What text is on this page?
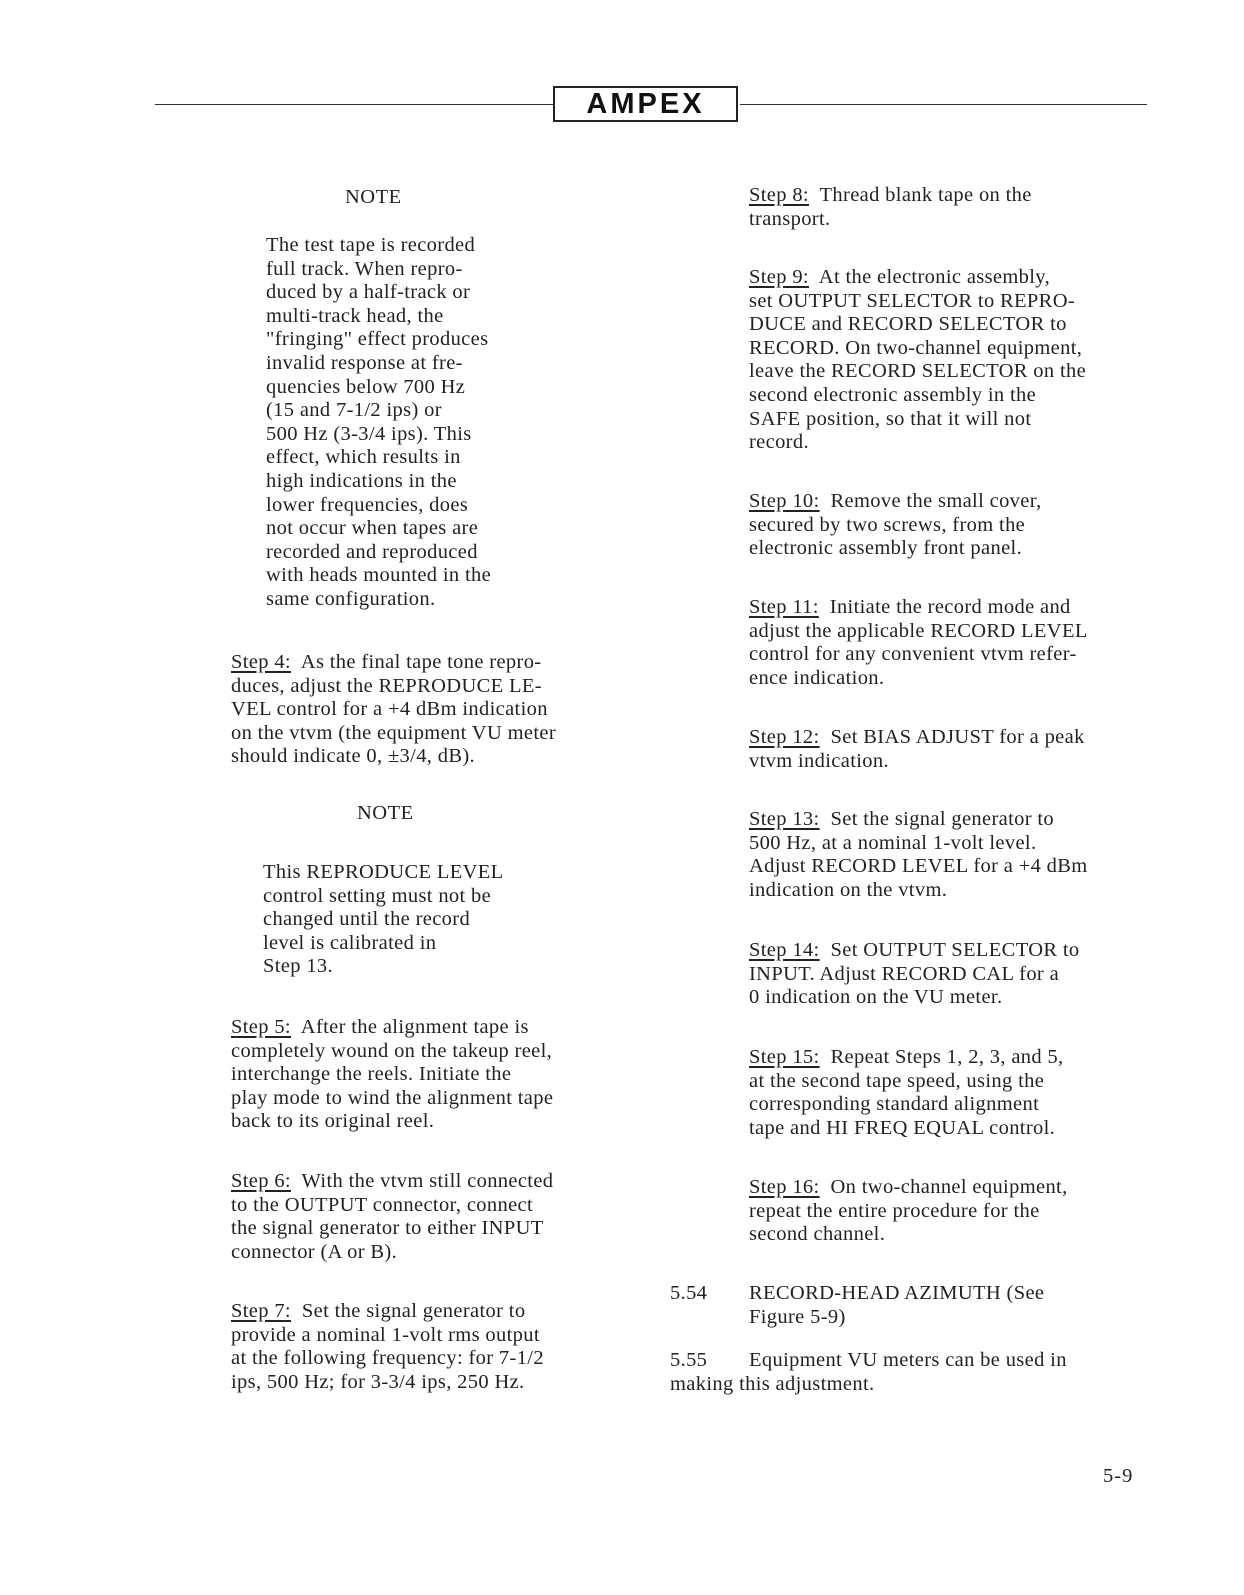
AMPEX
NOTE

The test tape is recorded

full track. When repro-

duced by a half-track or

multi-track head, the

"fringing" effect produces

invalid response at fre-

quencies below 700 Hz

(15 and 7-1/2 ips) or

500 Hz (3-3/4 ips). This

effect, which results in

high indications in the

lower frequencies, does

not occur when tapes are

recorded and reproduced

with heads mounted in the

same configuration.

Step 4:  As the final tape tone repro-

duces, adjust the REPRODUCE LE-

VEL control for a +4 dBm indication

on the vtvm (the equipment VU meter

should indicate 0, ±3/4, dB).

NOTE

This REPRODUCE LEVEL

control setting must not be

changed until the record

level is calibrated in

Step 13.

Step 5:  After the alignment tape is

completely wound on the takeup reel,

interchange the reels. Initiate the

play mode to wind the alignment tape

back to its original reel.

Step 6:  With the vtvm still connected

to the OUTPUT connector, connect

the signal generator to either INPUT

connector (A or B).

Step 7:  Set the signal generator to

provide a nominal 1-volt rms output

at the following frequency: for 7-1/2

ips, 500 Hz; for 3-3/4 ips, 250 Hz.

Step 8:  Thread blank tape on the

transport.

Step 9:  At the electronic assembly,

set OUTPUT SELECTOR to REPRO-

DUCE and RECORD SELECTOR to

RECORD. On two-channel equipment,

leave the RECORD SELECTOR on the

second electronic assembly in the

SAFE position, so that it will not

record.

Step 10:  Remove the small cover,

secured by two screws, from the

electronic assembly front panel.

Step 11:  Initiate the record mode and

adjust the applicable RECORD LEVEL

control for any convenient vtvm refer-

ence indication.

Step 12:  Set BIAS ADJUST for a peak

vtvm indication.

Step 13:  Set the signal generator to

500 Hz, at a nominal 1-volt level.

Adjust RECORD LEVEL for a +4 dBm

indication on the vtvm.

Step 14:  Set OUTPUT SELECTOR to

INPUT. Adjust RECORD CAL for a

0 indication on the VU meter.

Step 15:  Repeat Steps 1, 2, 3, and 5,

at the second tape speed, using the

corresponding standard alignment

tape and HI FREQ EQUAL control.

Step 16:  On two-channel equipment,

repeat the entire procedure for the

second channel.

5.54 RECORD-HEAD AZIMUTH (See

Figure 5-9)

5.55 Equipment VU meters can be used in
making this adjustment.
5-9
